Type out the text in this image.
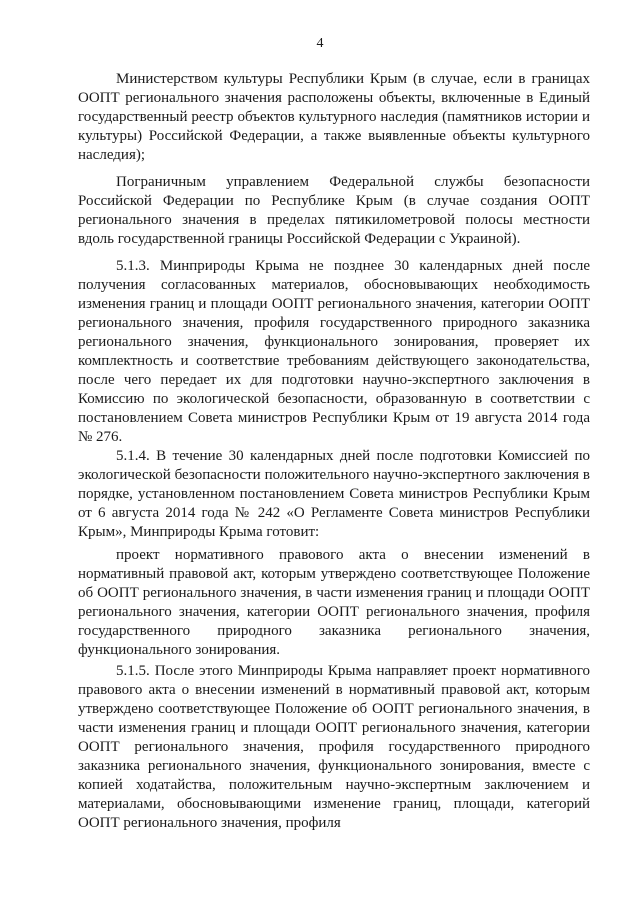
4

Министерством культуры Республики Крым (в случае, если в границах ООПТ регионального значения расположены объекты, включенные в Единый государственный реестр объектов культурного наследия (памятников истории и культуры) Российской Федерации, а также выявленные объекты культурного наследия);

Пограничным управлением Федеральной службы безопасности Российской Федерации по Республике Крым (в случае создания ООПТ регионального значения в пределах пятикилометровой полосы местности вдоль государственной границы Российской Федерации с Украиной).

5.1.3. Минприроды Крыма не позднее 30 календарных дней после получения согласованных материалов, обосновывающих необходимость изменения границ и площади ООПТ регионального значения, категории ООПТ регионального значения, профиля государственного природного заказника регионального значения, функционального зонирования, проверяет их комплектность и соответствие требованиям действующего законодательства, после чего передает их для подготовки научно-экспертного заключения в Комиссию по экологической безопасности, образованную в соответствии с постановлением Совета министров Республики Крым от 19 августа 2014 года № 276.

5.1.4. В течение 30 календарных дней после подготовки Комиссией по экологической безопасности положительного научно-экспертного заключения в порядке, установленном постановлением Совета министров Республики Крым от 6 августа 2014 года № 242 «О Регламенте Совета министров Республики Крым», Минприроды Крыма готовит:

проект нормативного правового акта о внесении изменений в нормативный правовой акт, которым утверждено соответствующее Положение об ООПТ регионального значения, в части изменения границ и площади ООПТ регионального значения, категории ООПТ регионального значения, профиля государственного природного заказника регионального значения, функционального зонирования.

5.1.5. После этого Минприроды Крыма направляет проект нормативного правового акта о внесении изменений в нормативный правовой акт, которым утверждено соответствующее Положение об ООПТ регионального значения, в части изменения границ и площади ООПТ регионального значения, категории ООПТ регионального значения, профиля государственного природного заказника регионального значения, функционального зонирования, вместе с копией ходатайства, положительным научно-экспертным заключением и материалами, обосновывающими изменение границ, площади, категорий ООПТ регионального значения, профиля
